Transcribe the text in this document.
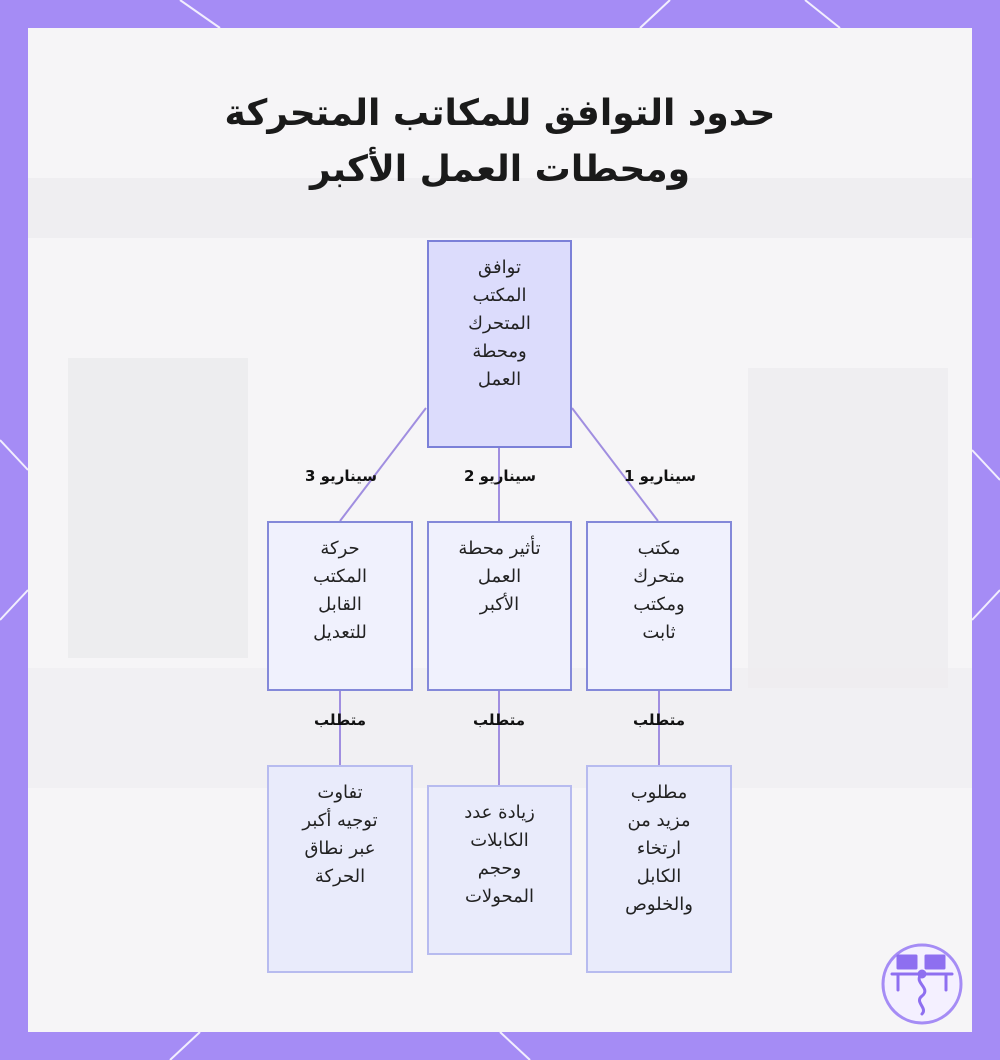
حدود التوافق للمكاتب المتحركة
ومحطات العمل الأكبر
توافق
المكتب
المتحرك
ومحطة
العمل
سيناريو 1
سيناريو 2
سيناريو 3
مكتب
متحرك
ومكتب
ثابت
تأثير محطة
العمل
الأكبر
حركة
المكتب
القابل
للتعديل
متطلب
متطلب
متطلب
مطلوب
مزيد من
ارتخاء
الكابل
والخلوص
زيادة عدد
الكابلات
وحجم
المحولات
تفاوت
توجيه أكبر
عبر نطاق
الحركة
